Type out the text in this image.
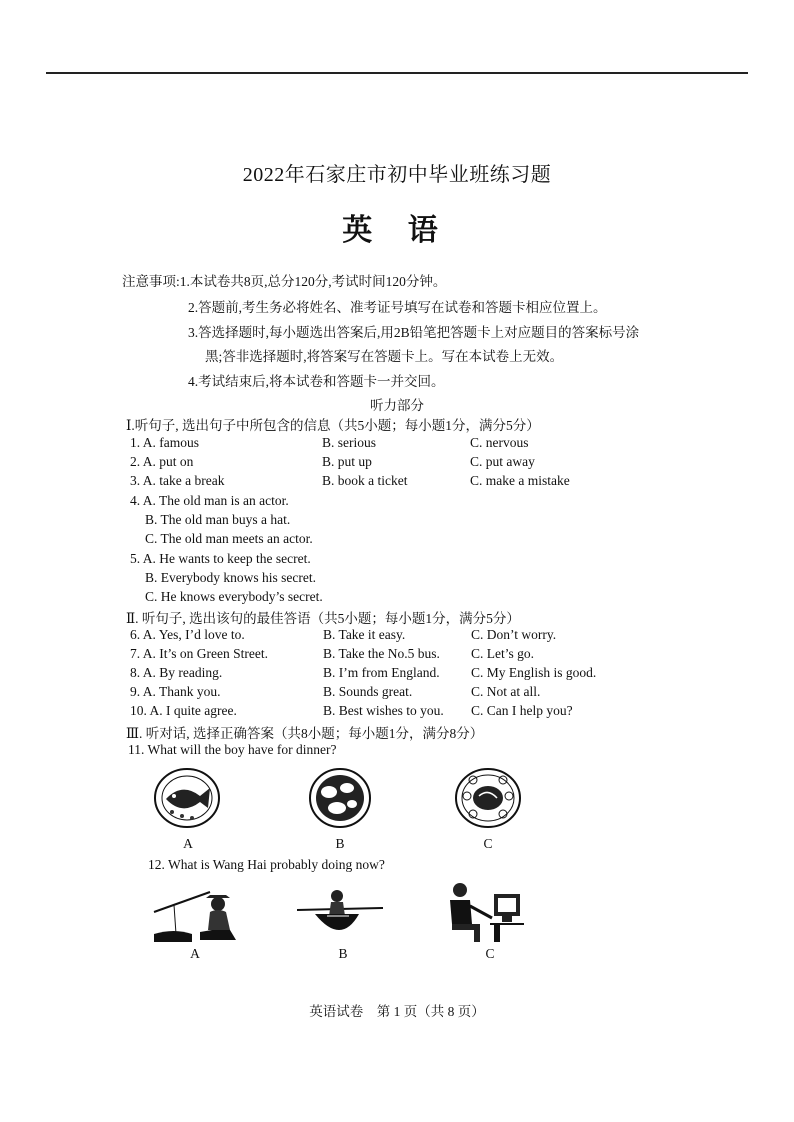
2022年石家庄市初中毕业班练习题
英 语
注意事项:1.本试卷共8页,总分120分,考试时间120分钟。
2.答题前,考生务必将姓名、准考证号填写在试卷和答题卡相应位置上。
3.答选择题时,每小题选出答案后,用2B铅笔把答题卡上对应题目的答案标号涂
黑;答非选择题时,将答案写在答题卡上。写在本试卷上无效。
4.考试结束后,将本试卷和答题卡一并交回。
听力部分
Ⅰ.听句子, 选出句子中所包含的信息（共5小题；每小题1分，满分5分）
1. A. famous	B. serious	C. nervous
2. A. put on	B. put up	C. put away
3. A. take a break	B. book a ticket	C. make a mistake
4. A. The old man is an actor.
B. The old man buys a hat.
C. The old man meets an actor.
5. A. He wants to keep the secret.
B. Everybody knows his secret.
C. He knows everybody’s secret.
Ⅱ. 听句子, 选出该句的最佳答语（共5小题；每小题1分，满分5分）
6. A. Yes, I’d love to.	B. Take it easy.	C. Don’t worry.
7. A. It’s on Green Street.	B. Take the No.5 bus. C. Let’s go.
8. A. By reading.	B. I’m from England. C. My English is good.
9. A. Thank you.	B. Sounds great.	C. Not at all.
10. A. I quite agree.	B. Best wishes to you. C. Can I help you?
Ⅲ. 听对话, 选择正确答案（共8小题；每小题1分，满分8分）
11. What will the boy have for dinner?
A	B	C
12. What is Wang Hai probably doing now?
A	B	C
英语试卷　第 1 页（共 8 页）
